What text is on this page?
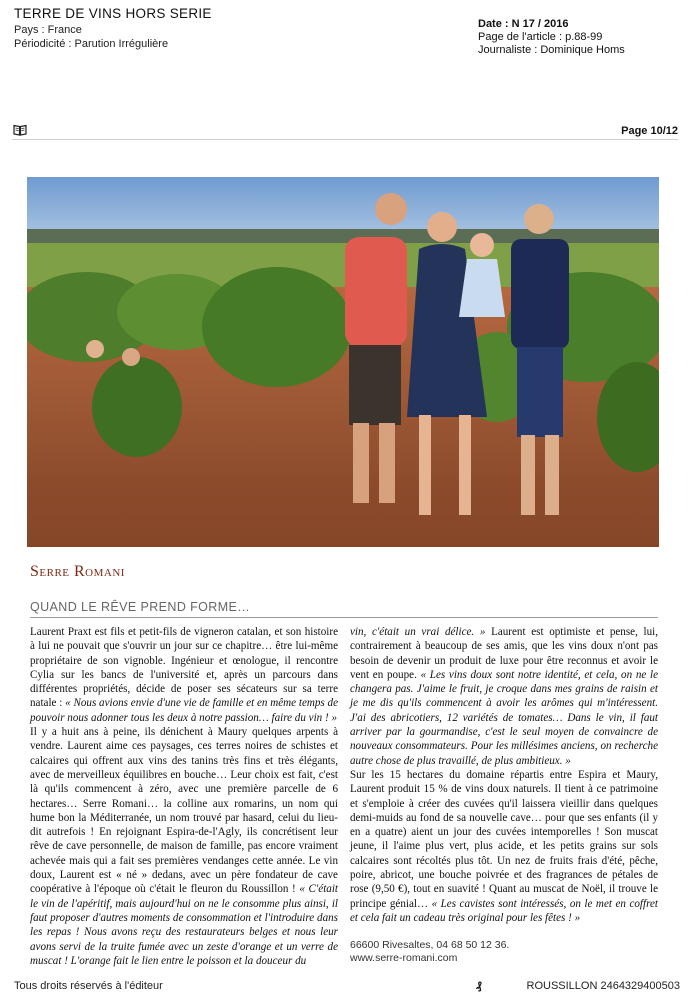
TERRE DE VINS HORS SERIE
Pays : France
Périodicité : Parution Irrégulière
Date : N 17 / 2016
Page de l'article : p.88-99
Journaliste : Dominique Homs
Page 10/12
Serre Romani
QUAND LE RÊVE PREND FORME…

Laurent Praxt est fils et petit-fils de vigneron catalan, et son histoire à lui ne pouvait que s'ouvrir un jour sur ce chapitre… être lui-même propriétaire de son vignoble. Ingénieur et œnologue, il rencontre Cylia sur les bancs de l'université et, après un parcours dans différentes propriétés, décide de poser ses sécateurs sur sa terre natale : « Nous avions envie d'une vie de famille et en même temps de pouvoir nous adonner tous les deux à notre passion… faire du vin ! »

Il y a huit ans à peine, ils dénichent à Maury quelques arpents à vendre. Laurent aime ces paysages, ces terres noires de schistes et calcaires qui offrent aux vins des tanins très fins et très élégants, avec de merveilleux équilibres en bouche… Leur choix est fait, c'est là qu'ils commencent à zéro, avec une première parcelle de 6 hectares… Serre Romani… la colline aux romarins, un nom qui hume bon la Méditerranée, un nom trouvé par hasard, celui du lieu-dit autrefois ! En rejoignant Espira-de-l'Agly, ils concrétisent leur rêve de cave personnelle, de maison de famille, pas encore vraiment achevée mais qui a fait ses premières vendanges cette année. Le vin doux, Laurent est « né » dedans, avec un père fondateur de cave coopérative à l'époque où c'était le fleuron du Roussillon ! « C'était le vin de l'apéritif, mais aujourd'hui on ne le consomme plus ainsi, il faut proposer d'autres moments de consommation et l'introduire dans les repas ! Nous avons reçu des restaurateurs belges et nous leur avons servi de la truite fumée avec un zeste d'orange et un verre de muscat ! L'orange fait le lien entre le poisson et la douceur du

vin, c'était un vrai délice. » Laurent est optimiste et pense, lui, contrairement à beaucoup de ses amis, que les vins doux n'ont pas besoin de devenir un produit de luxe pour être reconnus et avoir le vent en poupe. « Les vins doux sont notre identité, et cela, on ne le changera pas. J'aime le fruit, je croque dans mes grains de raisin et je me dis qu'ils commencent à avoir les arômes qui m'intéressent. J'ai des abricotiers, 12 variétés de tomates… Dans le vin, il faut arriver par la gourmandise, c'est le seul moyen de convaincre de nouveaux consommateurs. Pour les millésimes anciens, on recherche autre chose de plus travaillé, de plus ambitieux. »

Sur les 15 hectares du domaine répartis entre Espira et Maury, Laurent produit 15 % de vins doux naturels. Il tient à ce patrimoine et s'emploie à créer des cuvées qu'il laissera vieillir dans quelques demi-muids au fond de sa nouvelle cave… pour que ses enfants (il y en a quatre) aient un jour des cuvées intemporelles ! Son muscat jeune, il l'aime plus vert, plus acide, et les petits grains sur sols calcaires sont récoltés plus tôt. Un nez de fruits frais d'été, pêche, poire, abricot, une bouche poivrée et des fragrances de pétales de rose (9,50 €), tout en suavité ! Quant au muscat de Noël, il trouve le principe génial… « Les cavistes sont intéressés, on le met en coffret et cela fait un cadeau très original pour les fêtes ! »

66600 Rivesaltes, 04 68 50 12 36.

www.serre-romani.com

Tous droits réservés à l'éditeur	₰	ROUSSILLON 2464329400503
